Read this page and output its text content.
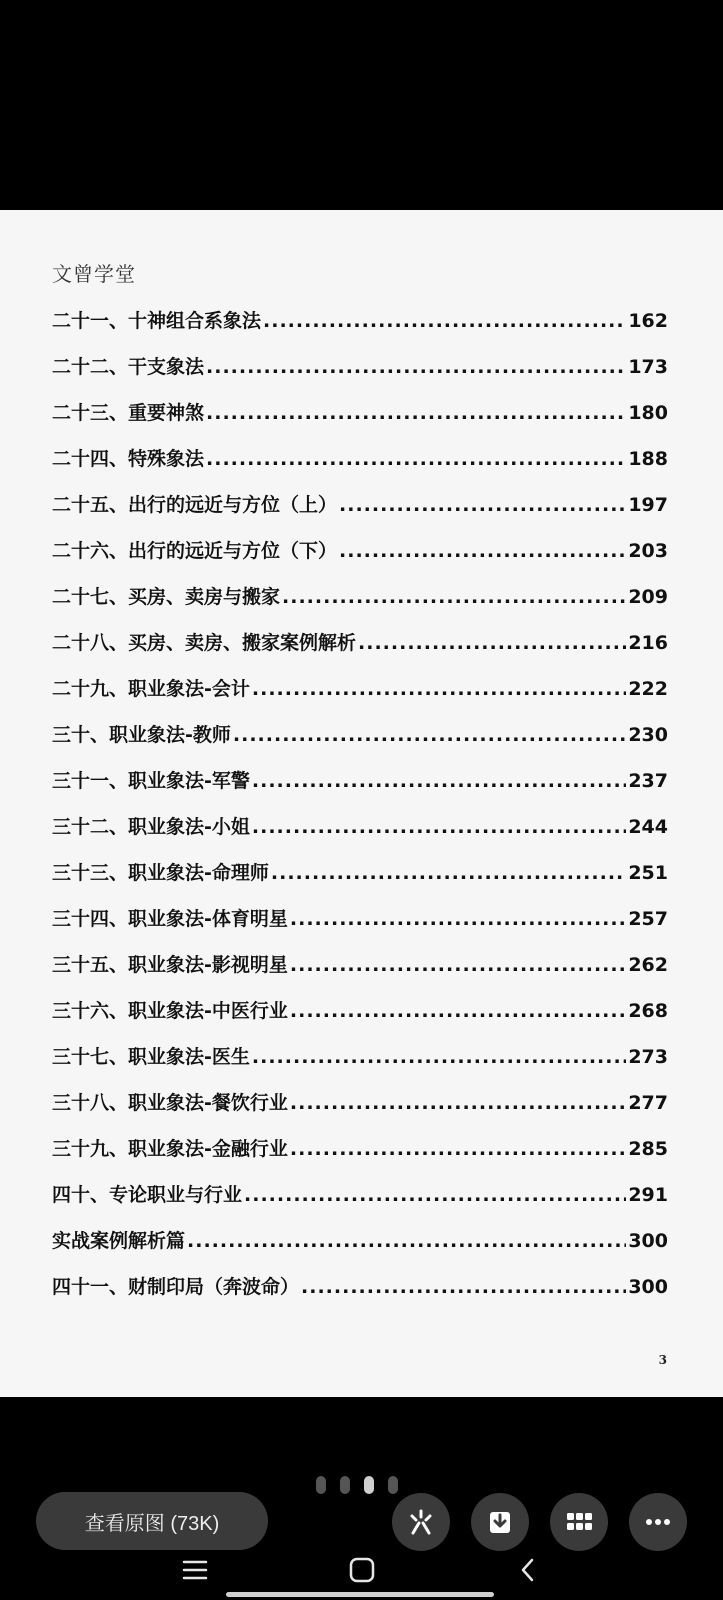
文曾学堂
二十一、十神组合系象法 .....	162
二十二、干支象法 .....	173
二十三、重要神煞 .....	180
二十四、特殊象法 .....	188
二十五、出行的远近与方位（上） .....	197
二十六、出行的远近与方位（下） .....	203
二十七、买房、卖房与搬家 .....	209
二十八、买房、卖房、搬家案例解析 .....	216
二十九、职业象法-会计 .....	222
三十、职业象法-教师 .....	230
三十一、职业象法-军警 .....	237
三十二、职业象法-小姐 .....	244
三十三、职业象法-命理师 .....	251
三十四、职业象法-体育明星 .....	257
三十五、职业象法-影视明星 .....	262
三十六、职业象法-中医行业 .....	268
三十七、职业象法-医生 .....	273
三十八、职业象法-餐饮行业 .....	277
三十九、职业象法-金融行业 .....	285
四十、专论职业与行业 .....	291
实战案例解析篇 .....	300
四十一、财制印局（奔波命） .....	300
3
查看原图 (73K)
